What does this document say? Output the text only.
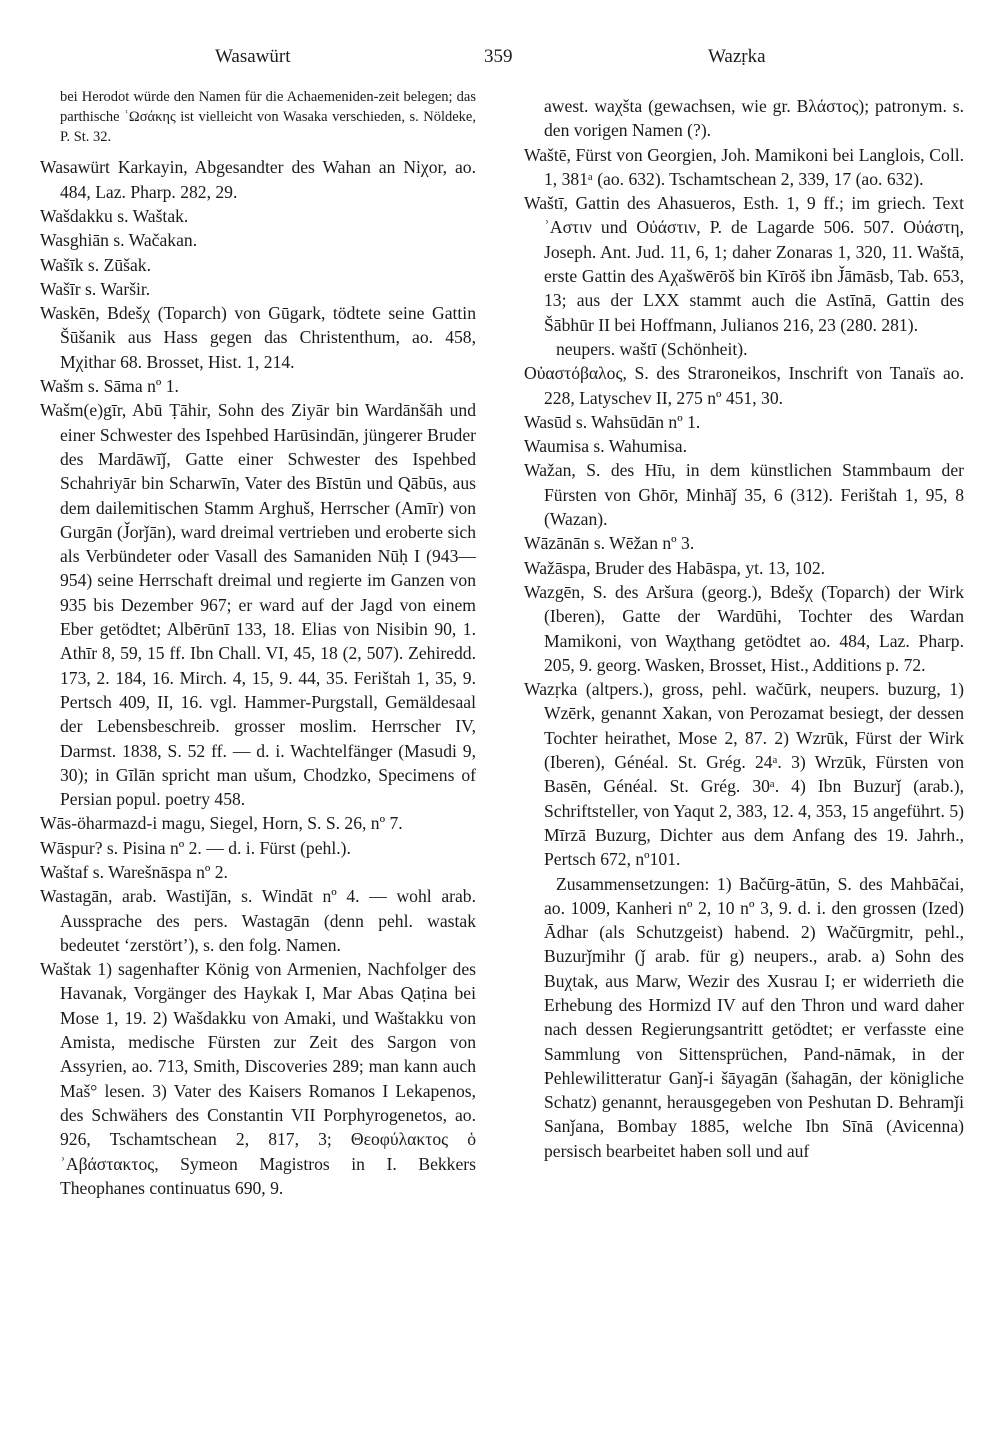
Wasawürt	359	Wazṛka

bei Herodot würde den Namen für die Achaemeniden-zeit belegen; das parthische ʿΩσάκης ist vielleicht von Wasaka verschieden, s. Nöldeke, P. St. 32.

Wasawürt Karkayin, Abgesandter des Wahan an Niχor, ao. 484, Laz. Pharp. 282, 29.

Wašdakku s. Waštak.

Wasghiān s. Wačakan.

Wašīk s. Zūšak.

Wašīr s. Waršir.

Waskēn, Bdešχ (Toparch) von Gūgark, tödtete seine Gattin Šūšanik aus Hass gegen das Christenthum, ao. 458, Mχithar 68. Brosset, Hist. 1, 214.

Wašm s. Sāma nº 1.

Wašm(e)gīr, Abū Ṭāhir, Sohn des Ziyār bin Wardānšāh und einer Schwester des Ispehbed Harūsindān, jüngerer Bruder des Mardāwīǰ, Gatte einer Schwester des Ispehbed Schahriyār bin Scharwīn, Vater des Bīstūn und Qābūs, aus dem dailemitischen Stamm Arghuš, Herrscher (Amīr) von Gurgān (J̌orǰān), ward dreimal vertrieben und eroberte sich als Verbündeter oder Vasall des Samaniden Nūḥ I (943—954) seine Herrschaft dreimal und regierte im Ganzen von 935 bis Dezember 967; er ward auf der Jagd von einem Eber getödtet; Albērūnī 133, 18. Elias von Nisibin 90, 1. Athīr 8, 59, 15 ff. Ibn Chall. VI, 45, 18 (2, 507). Zehiredd. 173, 2. 184, 16. Mirch. 4, 15, 9. 44, 35. Ferištah 1, 35, 9. Pertsch 409, II, 16. vgl. Hammer-Purgstall, Gemäldesaal der Lebensbeschreib. grosser moslim. Herrscher IV, Darmst. 1838, S. 52 ff. — d. i. Wachtelfänger (Masudi 9, 30); in Gīlān spricht man ušum, Chodzko, Specimens of Persian popul. poetry 458.

Wās-öharmazd-i magu, Siegel, Horn, S. S. 26, nº 7.

Wāspur? s. Pisina nº 2. — d. i. Fürst (pehl.).

Waštaf s. Warešnāspa nº 2.

Wastagān, arab. Wastiǰān, s. Windāt nº 4. — wohl arab. Aussprache des pers. Wastagān (denn pehl. wastak bedeutet ‘zerstört’), s. den folg. Namen.

Waštak 1) sagenhafter König von Armenien, Nachfolger des Havanak, Vorgänger des Haykak I, Mar Abas Qaṭina bei Mose 1, 19. 2) Wašdakku von Amaki, und Waštakku von Amista, medische Fürsten zur Zeit des Sargon von Assyrien, ao. 713, Smith, Discoveries 289; man kann auch Maš° lesen. 3) Vater des Kaisers Romanos I Lekapenos, des Schwähers des Constantin VII Porphyrogenetos, ao. 926, Tschamtschean 2, 817, 3; Θεοφύλακτος ὁ ʾΑβάστακτος, Symeon Magistros in I. Bekkers Theophanes continuatus 690, 9.

awest. waχšta (gewachsen, wie gr. Βλάστος); patronym. s. den vorigen Namen (?).

Waštē, Fürst von Georgien, Joh. Mamikoni bei Langlois, Coll. 1, 381ᵃ (ao. 632). Tschamtschean 2, 339, 17 (ao. 632).

Waštī, Gattin des Ahasueros, Esth. 1, 9 ff.; im griech. Text ʾΑστιν und Οὐάστιν, P. de Lagarde 506. 507. Οὐάστη, Joseph. Ant. Jud. 11, 6, 1; daher Zonaras 1, 320, 11. Waštā, erste Gattin des Aχašwērōš bin Kīrōš ibn J̌āmāsb, Tab. 653, 13; aus der LXX stammt auch die Astīnā, Gattin des Šābhūr II bei Hoffmann, Julianos 216, 23 (280. 281).

neupers. waštī (Schönheit).

Οὐαστόβαλος, S. des Straroneikos, Inschrift von Tanaïs ao. 228, Latyschev II, 275 nº 451, 30.

Wasūd s. Wahsūdān nº 1.

Waumisa s. Wahumisa.

Wažan, S. des Hīu, in dem künstlichen Stammbaum der Fürsten von Ghōr, Minhāǰ 35, 6 (312). Ferištah 1, 95, 8 (Wazan).

Wāzānān s. Wēžan nº 3.

Wažāspa, Bruder des Habāspa, yt. 13, 102.

Wazgēn, S. des Aršura (georg.), Bdešχ (Toparch) der Wirk (Iberen), Gatte der Wardūhi, Tochter des Wardan Mamikoni, von Waχthang getödtet ao. 484, Laz. Pharp. 205, 9. georg. Wasken, Brosset, Hist., Additions p. 72.

Wazṛka (altpers.), gross, pehl. wačūrk, neupers. buzurg, 1) Wzērk, genannt Xakan, von Perozamat besiegt, der dessen Tochter heirathet, Mose 2, 87. 2) Wzrūk, Fürst der Wirk (Iberen), Généal. St. Grég. 24ᵃ. 3) Wrzūk, Fürsten von Basēn, Généal. St. Grég. 30ᵃ. 4) Ibn Buzurǰ (arab.), Schriftsteller, von Yaqut 2, 383, 12. 4, 353, 15 angeführt. 5) Mīrzā Buzurg, Dichter aus dem Anfang des 19. Jahrh., Pertsch 672, nº101.

Zusammensetzungen: 1) Bačūrg-ātūn, S. des Mahbāčai, ao. 1009, Kanheri nº 2, 10 nº 3, 9. d. i. den grossen (Ized) Ādhar (als Schutzgeist) habend. 2) Wačūrgmitr, pehl., Buzurǰmihr (ǰ arab. für g) neupers., arab. a) Sohn des Buχtak, aus Marw, Wezir des Xusrau I; er widerrieth die Erhebung des Hormizd IV auf den Thron und ward daher nach dessen Regierungsantritt getödtet; er verfasste eine Sammlung von Sittensprüchen, Pand-nāmak, in der Pehlewilitteratur Ganǰ-i šāyagān (šahagān, der königliche Schatz) genannt, herausgegeben von Peshutan D. Behramǰi Sanǰana, Bombay 1885, welche Ibn Sīnā (Avicenna) persisch bearbeitet haben soll und auf
